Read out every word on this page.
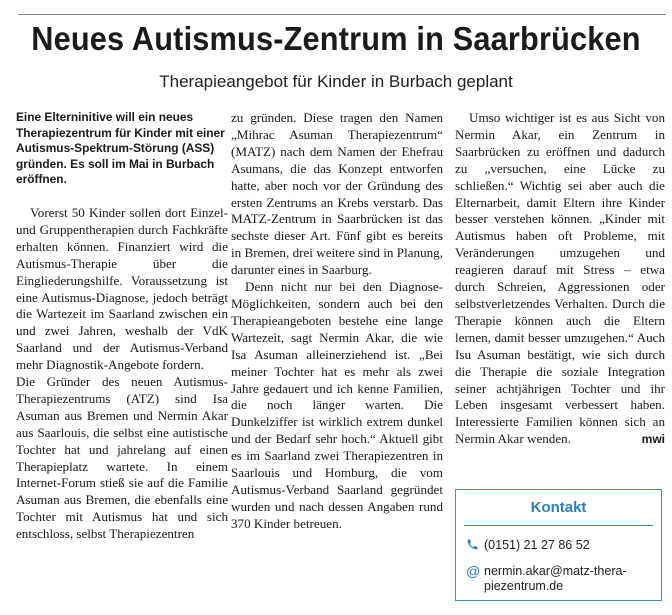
Neues Autismus-Zentrum in Saarbrücken
Therapieangebot für Kinder in Burbach geplant

Eine Elterninitive will ein neues Therapiezentrum für Kinder mit einer Autismus-Spektrum-Störung (ASS) gründen. Es soll im Mai in Burbach eröffnen.

Vorerst 50 Kinder sollen dort Einzel- und Gruppentherapien durch Fachkräfte erhalten können. Finanziert wird die Autismus-Therapie über die Eingliederungshilfe. Voraussetzung ist eine Autismus-Diagnose, jedoch beträgt die Wartezeit im Saarland zwischen ein und zwei Jahren, weshalb der VdK Saarland und der Autismus-Verband mehr Diagnostik-Angebote fordern.

Die Gründer des neuen Autismus-Therapiezentrums (ATZ) sind Isa Asuman aus Bremen und Nermin Akar aus Saarlouis, die selbst eine autistische Tochter hat und jahrelang auf einen Therapieplatz wartete. In einem Internet-Forum stieß sie auf die Familie Asuman aus Bremen, die ebenfalls eine Tochter mit Autismus hat und sich entschloss, selbst Therapiezentren

zu gründen. Diese tragen den Namen „Mihrac Asuman Therapiezentrum“ (MATZ) nach dem Namen der Ehefrau Asumans, die das Konzept entworfen hatte, aber noch vor der Gründung des ersten Zentrums an Krebs verstarb. Das MATZ-Zentrum in Saarbrücken ist das sechste dieser Art. Fünf gibt es bereits in Bremen, drei weitere sind in Planung, darunter eines in Saarburg.

Denn nicht nur bei den Diagnose-Möglichkeiten, sondern auch bei den Therapieangeboten bestehe eine lange Wartezeit, sagt Nermin Akar, die wie Isa Asuman alleinerziehend ist. „Bei meiner Tochter hat es mehr als zwei Jahre gedauert und ich kenne Familien, die noch länger warten. Die Dunkelziffer ist wirklich extrem dunkel und der Bedarf sehr hoch.“ Aktuell gibt es im Saarland zwei Therapiezentren in Saarlouis und Homburg, die vom Autismus-Verband Saarland gegründet wurden und nach dessen Angaben rund 370 Kinder betreuen.

Umso wichtiger ist es aus Sicht von Nermin Akar, ein Zentrum in Saarbrücken zu eröffnen und dadurch zu „versuchen, eine Lücke zu schließen.“ Wichtig sei aber auch die Elternarbeit, damit Eltern ihre Kinder besser verstehen können. „Kinder mit Autismus haben oft Probleme, mit Veränderungen umzugehen und reagieren darauf mit Stress – etwa durch Schreien, Aggressionen oder selbstverletzendes Verhalten. Durch die Therapie können auch die Eltern lernen, damit besser umzugehen.“ Auch Isu Asuman bestätigt, wie sich durch die Therapie die soziale Integration seiner achtjährigen Tochter und ihr Leben insgesamt verbessert haben. Interessierte Familien können sich an Nermin Akar wenden.	mwi
Kontakt
(0151) 21 27 86 52
@ nermin.akar@matz-thera-
piezentrum.de
